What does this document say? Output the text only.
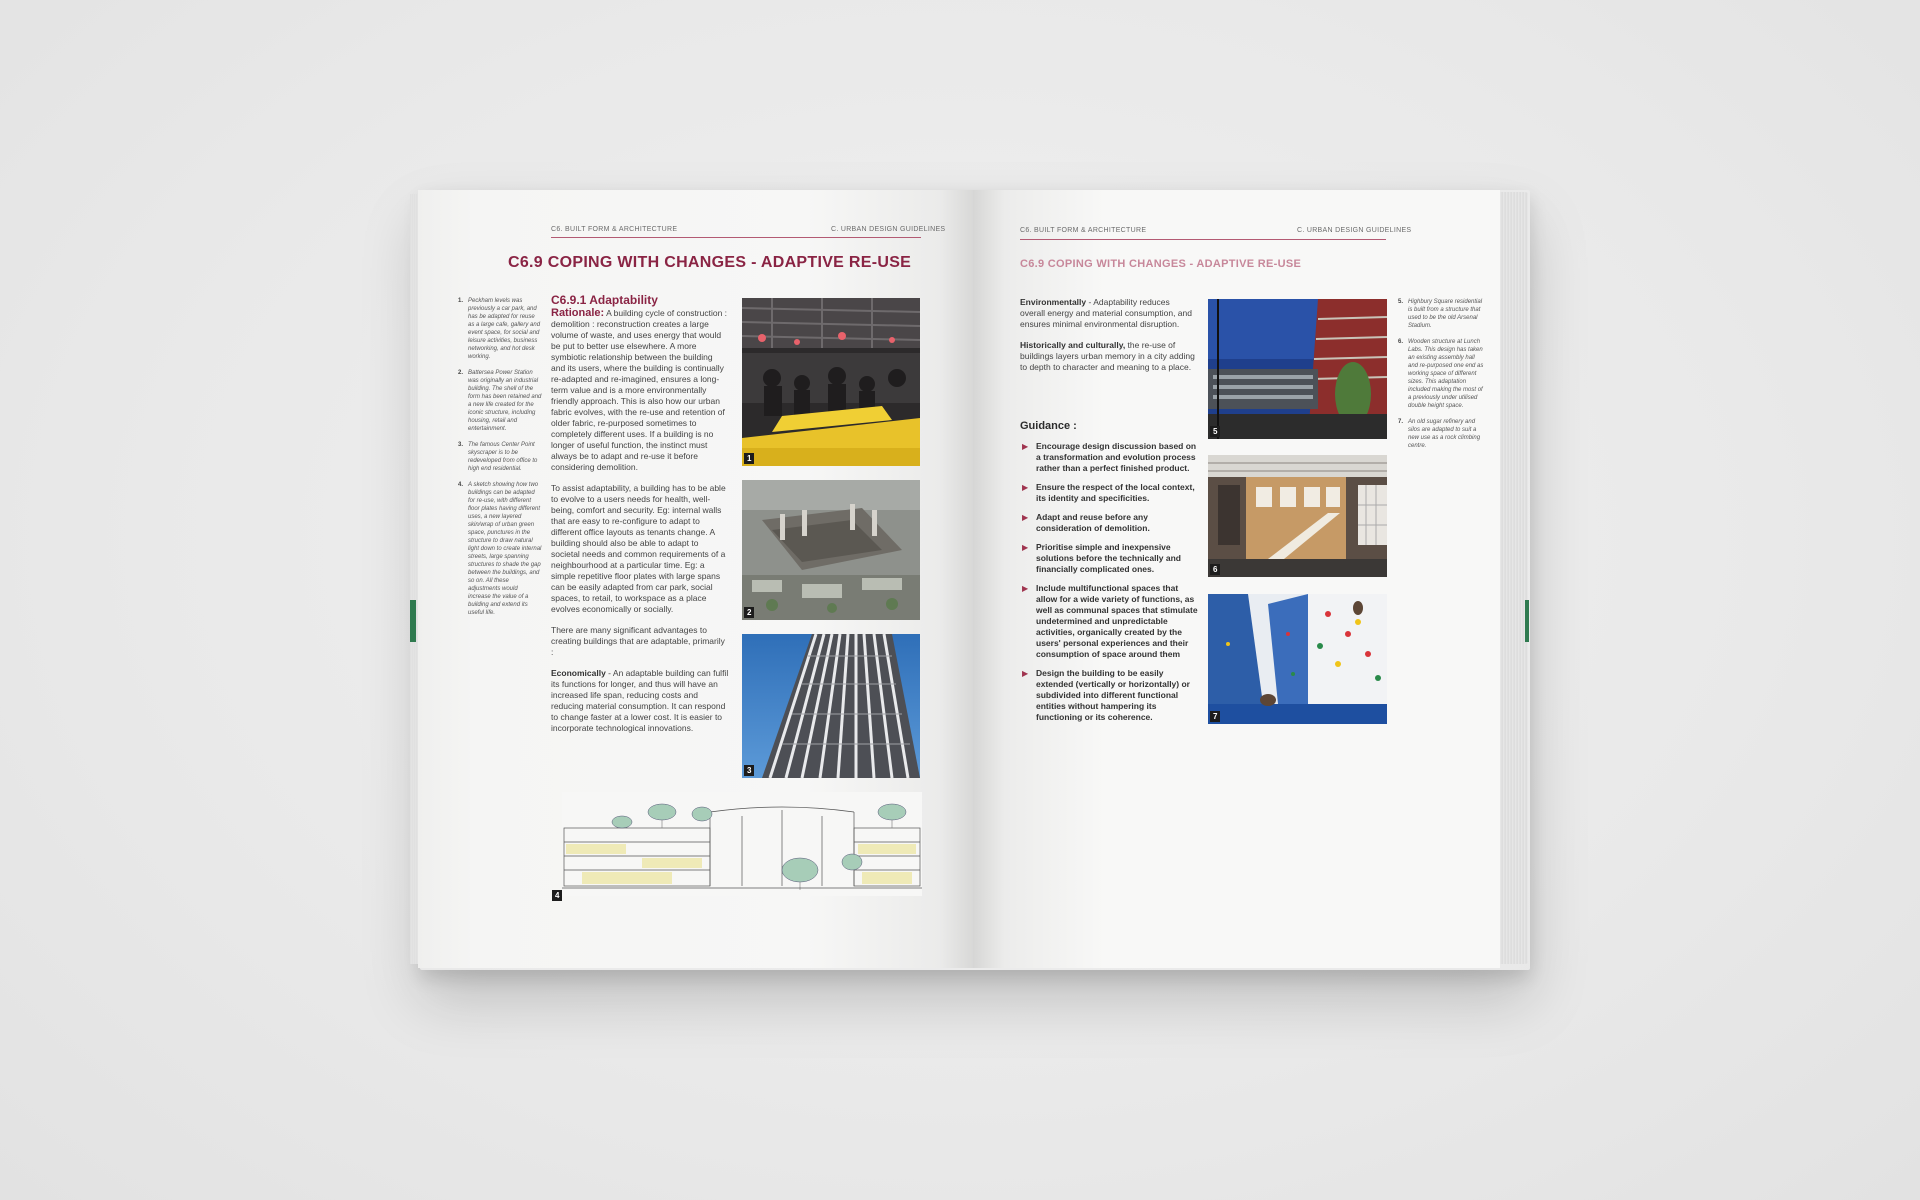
C6. BUILT FORM & ARCHITECTURE	C. URBAN DESIGN GUIDELINES
C6.9 COPING WITH CHANGES - ADAPTIVE RE-USE
1. Peckham levels was previously a car park, and has be adapted for reuse as a large cafe, gallery and event space, for social and leisure activities, business networking, and hot desk working.
2. Battersea Power Station was originally an industrial building. The shell of the form has been retained and a new life created for the iconic structure, including housing, retail and entertainment.
3. The famous Center Point skyscraper is to be redeveloped from office to high end residential.
4. A sketch showing how two buildings can be adapted for re-use, with different floor plates having different uses, a new layered skin/wrap of urban green space, punctures in the structure to draw natural light down to create internal streets, large spanning structures to shade the gap between the buildings, and so on. All these adjustments would increase the value of a building and extend its useful life.
C6.9.1 Adaptability

Rationale: A building cycle of construction : demolition : reconstruction creates a large volume of waste, and uses energy that would be put to better use elsewhere. A more symbiotic relationship between the building and its users, where the building is continually re-adapted and re-imagined, ensures a long-term value and is a more environmentally friendly approach. This is also how our urban fabric evolves, with the re-use and retention of older fabric, re-purposed sometimes to completely different uses. If a building is no longer of useful function, the instinct must always be to adapt and re-use it before considering demolition.

To assist adaptability, a building has to be able to evolve to a users needs for health, well-being, comfort and security. Eg: internal walls that are easy to re-configure to adapt to different office layouts as tenants change. A building should also be able to adapt to societal needs and common requirements of a neighbourhood at a particular time. Eg: a simple repetitive floor plates with large spans can be easily adapted from car park, social spaces, to retail, to workspace as a place evolves economically or socially.

There are many significant advantages to creating buildings that are adaptable, primarily :

Economically - An adaptable building can fulfil its functions for longer, and thus will have an increased life span, reducing costs and reducing material consumption. It can respond to change faster at a lower cost. It is easier to incorporate technological innovations.

1
2
3
4
C6. BUILT FORM & ARCHITECTURE	C. URBAN DESIGN GUIDELINES
C6.9 COPING WITH CHANGES - ADAPTIVE RE-USE

Environmentally - Adaptability reduces overall energy and material consumption, and ensures minimal environmental disruption.

Historically and culturally, the re-use of buildings layers urban memory in a city adding to depth to character and meaning to a place.

Guidance :
▶ Encourage design discussion based on a transformation and evolution process rather than a perfect finished product.
▶ Ensure the respect of the local context, its identity and specificities.
▶ Adapt and reuse before any consideration of demolition.
▶ Prioritise simple and inexpensive solutions before the technically and financially complicated ones.
▶ Include multifunctional spaces that allow for a wide variety of functions, as well as communal spaces that stimulate undetermined and unpredictable activities, organically created by the users' personal experiences and their consumption of space around them
▶ Design the building to be easily extended (vertically or horizontally) or subdivided into different functional entities without hampering its functioning or its coherence.
5
6
7
5. Highbury Square residential is built from a structure that used to be the old Arsenal Stadium.
6. Wooden structure at Lunch Labs. This design has taken an existing assembly hall and re-purposed one end as working space of different sizes. This adaptation included making the most of a previously under utilised double height space.
7. An old sugar refinery and silos are adapted to suit a new use as a rock climbing centre.
